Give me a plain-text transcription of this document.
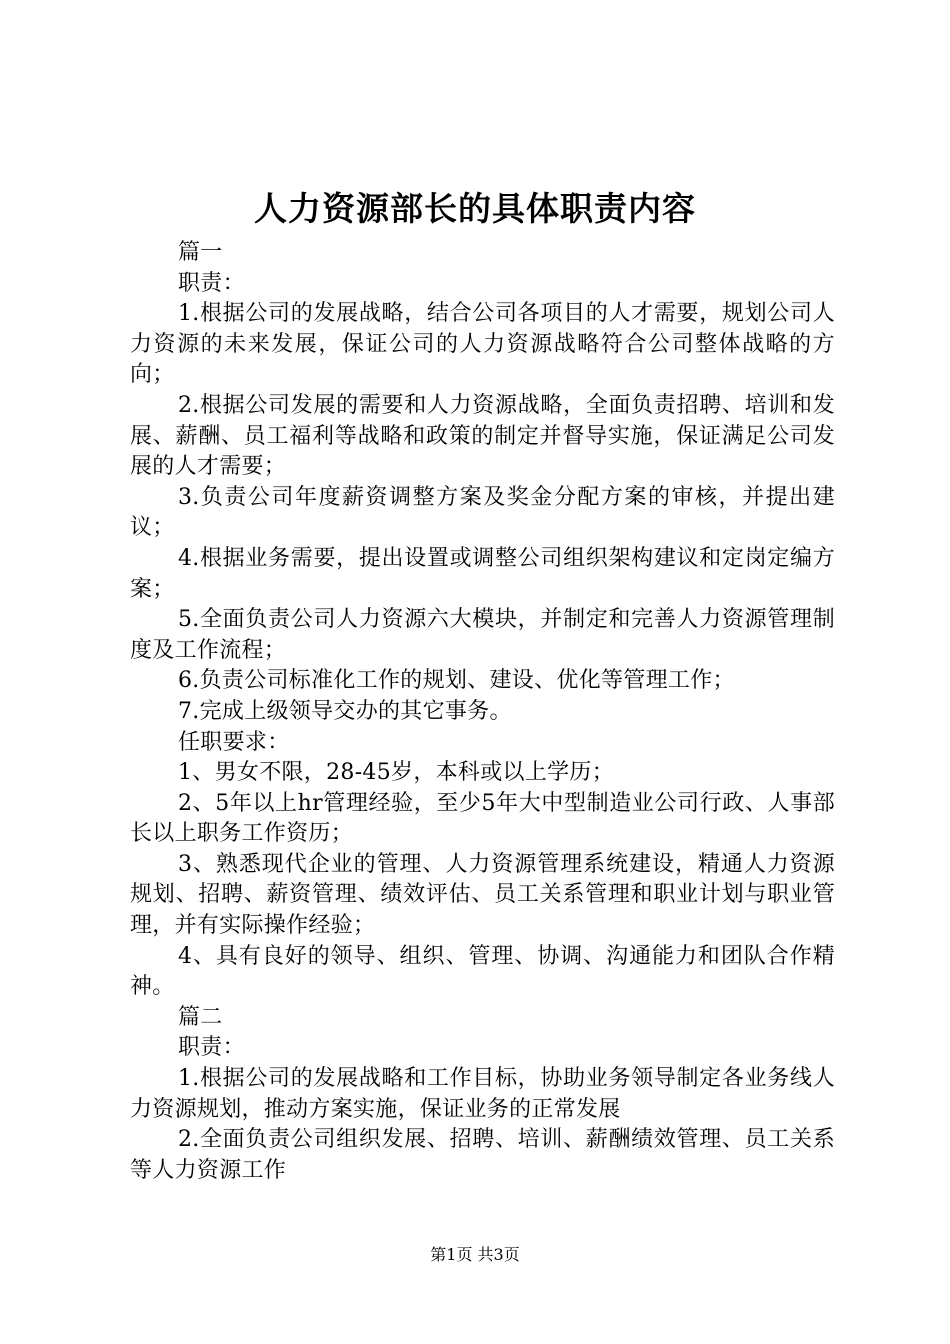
人力资源部长的具体职责内容

篇一

职责：

1.根据公司的发展战略，结合公司各项目的人才需要，规划公司人力资源的未来发展，保证公司的人力资源战略符合公司整体战略的方向；

2.根据公司发展的需要和人力资源战略，全面负责招聘、培训和发展、薪酬、员工福利等战略和政策的制定并督导实施，保证满足公司发展的人才需要；

3.负责公司年度薪资调整方案及奖金分配方案的审核，并提出建议；

4.根据业务需要，提出设置或调整公司组织架构建议和定岗定编方案；

5.全面负责公司人力资源六大模块，并制定和完善人力资源管理制度及工作流程；

6.负责公司标准化工作的规划、建设、优化等管理工作；

7.完成上级领导交办的其它事务。

任职要求：

1、男女不限，28-45岁，本科或以上学历；

2、5年以上hr管理经验，至少5年大中型制造业公司行政、人事部长以上职务工作资历；

3、熟悉现代企业的管理、人力资源管理系统建设，精通人力资源规划、招聘、薪资管理、绩效评估、员工关系管理和职业计划与职业管理，并有实际操作经验；

4、具有良好的领导、组织、管理、协调、沟通能力和团队合作精神。

篇二

职责：

1.根据公司的发展战略和工作目标，协助业务领导制定各业务线人力资源规划，推动方案实施，保证业务的正常发展

2.全面负责公司组织发展、招聘、培训、薪酬绩效管理、员工关系等人力资源工作

第1页 共3页
